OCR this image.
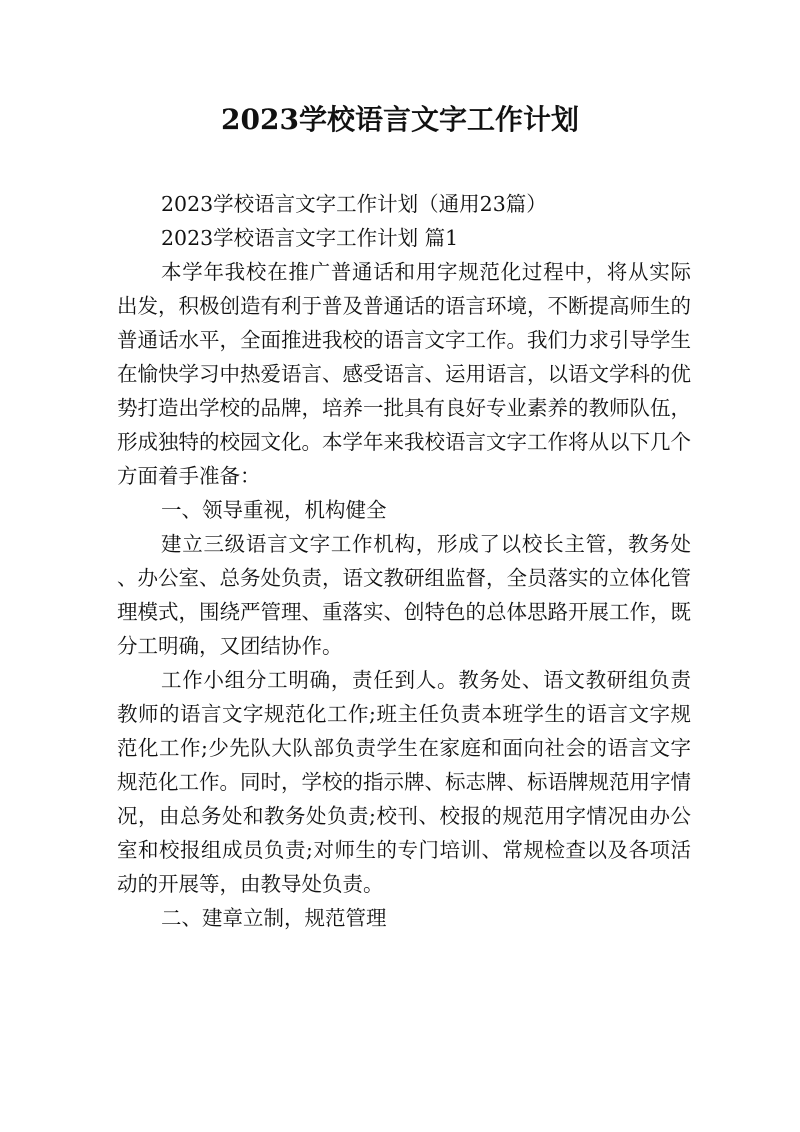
2023学校语言文字工作计划

2023学校语言文字工作计划（通用23篇）

2023学校语言文字工作计划 篇1

本学年我校在推广普通话和用字规范化过程中，将从实际出发，积极创造有利于普及普通话的语言环境，不断提高师生的普通话水平，全面推进我校的语言文字工作。我们力求引导学生在愉快学习中热爱语言、感受语言、运用语言，以语文学科的优势打造出学校的品牌，培养一批具有良好专业素养的教师队伍，形成独特的校园文化。本学年来我校语言文字工作将从以下几个方面着手准备：

一、领导重视，机构健全

建立三级语言文字工作机构，形成了以校长主管，教务处、办公室、总务处负责，语文教研组监督，全员落实的立体化管理模式，围绕严管理、重落实、创特色的总体思路开展工作，既分工明确，又团结协作。

工作小组分工明确，责任到人。教务处、语文教研组负责教师的语言文字规范化工作;班主任负责本班学生的语言文字规范化工作;少先队大队部负责学生在家庭和面向社会的语言文字规范化工作。同时，学校的指示牌、标志牌、标语牌规范用字情况，由总务处和教务处负责;校刊、校报的规范用字情况由办公室和校报组成员负责;对师生的专门培训、常规检查以及各项活动的开展等，由教导处负责。

二、建章立制，规范管理
